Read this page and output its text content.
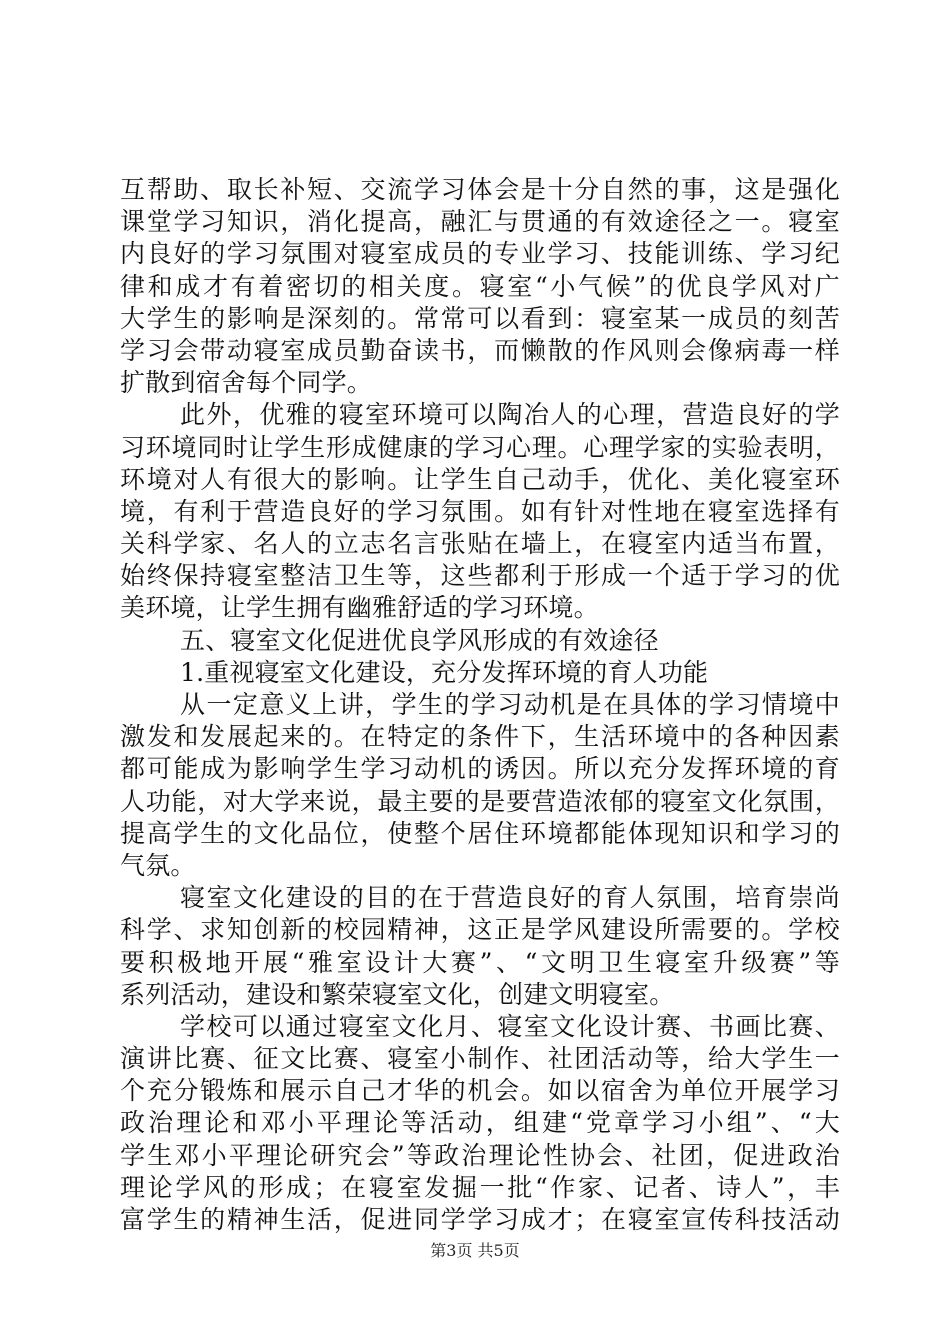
互帮助、取长补短、交流学习体会是十分自然的事，这是强化
课堂学习知识，消化提高，融汇与贯通的有效途径之一。寝室
内良好的学习氛围对寝室成员的专业学习、技能训练、学习纪
律和成才有着密切的相关度。寝室“小气候”的优良学风对广
大学生的影响是深刻的。常常可以看到：寝室某一成员的刻苦
学习会带动寝室成员勤奋读书，而懒散的作风则会像病毒一样
扩散到宿舍每个同学。
此外，优雅的寝室环境可以陶冶人的心理，营造良好的学
习环境同时让学生形成健康的学习心理。心理学家的实验表明，
环境对人有很大的影响。让学生自己动手，优化、美化寝室环
境，有利于营造良好的学习氛围。如有针对性地在寝室选择有
关科学家、名人的立志名言张贴在墙上，在寝室内适当布置，
始终保持寝室整洁卫生等，这些都利于形成一个适于学习的优
美环境，让学生拥有幽雅舒适的学习环境。
五、寝室文化促进优良学风形成的有效途径
1.重视寝室文化建设，充分发挥环境的育人功能
从一定意义上讲，学生的学习动机是在具体的学习情境中
激发和发展起来的。在特定的条件下，生活环境中的各种因素
都可能成为影响学生学习动机的诱因。所以充分发挥环境的育
人功能，对大学来说，最主要的是要营造浓郁的寝室文化氛围，
提高学生的文化品位，使整个居住环境都能体现知识和学习的
气氛。
寝室文化建设的目的在于营造良好的育人氛围，培育崇尚
科学、求知创新的校园精神，这正是学风建设所需要的。学校
要积极地开展“雅室设计大赛”、“文明卫生寝室升级赛”等
系列活动，建设和繁荣寝室文化，创建文明寝室。
学校可以通过寝室文化月、寝室文化设计赛、书画比赛、
演讲比赛、征文比赛、寝室小制作、社团活动等，给大学生一
个充分锻炼和展示自己才华的机会。如以宿舍为单位开展学习
政治理论和邓小平理论等活动，组建“党章学习小组”、“大
学生邓小平理论研究会”等政治理论性协会、社团，促进政治
理论学风的形成；在寝室发掘一批“作家、记者、诗人”，丰
富学生的精神生活，促进同学学习成才；在寝室宣传科技活动
第3页 共5页
